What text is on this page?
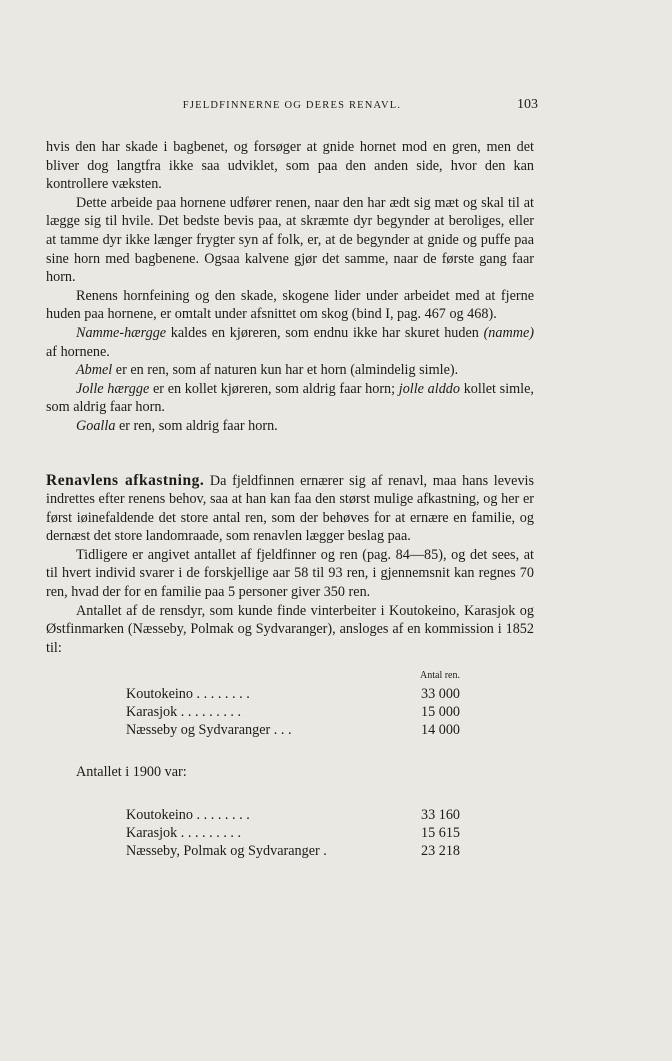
FJELDFINNERNE OG DERES RENAVL.	103
hvis den har skade i bagbenet, og forsøger at gnide hornet mod en gren, men det bliver dog langtfra ikke saa udviklet, som paa den anden side, hvor den kan kontrollere væksten.
Dette arbeide paa hornene udfører renen, naar den har ædt sig mæt og skal til at lægge sig til hvile. Det bedste bevis paa, at skræmte dyr begynder at beroliges, eller at tamme dyr ikke længer frygter syn af folk, er, at de begynder at gnide og puffe paa sine horn med bagbenene. Ogsaa kalvene gjør det samme, naar de første gang faar horn.
Renens hornfeining og den skade, skogene lider under arbeidet med at fjerne huden paa hornene, er omtalt under afsnittet om skog (bind I, pag. 467 og 468).
Namme-hærgge kaldes en kjøreren, som endnu ikke har skuret huden (namme) af hornene.
Abmel er en ren, som af naturen kun har et horn (almindelig simle).
Jolle hærgge er en kollet kjøreren, som aldrig faar horn; jolle alddo kollet simle, som aldrig faar horn.
Goalla er ren, som aldrig faar horn.
Renavlens afkastning. Da fjeldfinnen ernærer sig af renavl, maa hans levevis indrettes efter renens behov, saa at han kan faa den størst mulige afkastning, og her er først iøinefaldende det store antal ren, som der behøves for at ernære en familie, og dernæst det store landomraade, som renavlen lægger beslag paa.
Tidligere er angivet antallet af fjeldfinner og ren (pag. 84—85), og det sees, at til hvert individ svarer i de forskjellige aar 58 til 93 ren, i gjennemsnit kan regnes 70 ren, hvad der for en familie paa 5 personer giver 350 ren.
Antallet af de rensdyr, som kunde finde vinterbeiter i Koutokeino, Karasjok og Østfinmarken (Næsseby, Polmak og Sydvaranger), ansloges af en kommission i 1852 til:
	Antal ren.
Koutokeino . . . . . . . .	33 000
Karasjok . . . . . . . . .	15 000
Næsseby og Sydvaranger . . .	14 000
Antallet i 1900 var:
Koutokeino . . . . . . . .	33 160
Karasjok . . . . . . . . .	15 615
Næsseby, Polmak og Sydvaranger .	23 218
